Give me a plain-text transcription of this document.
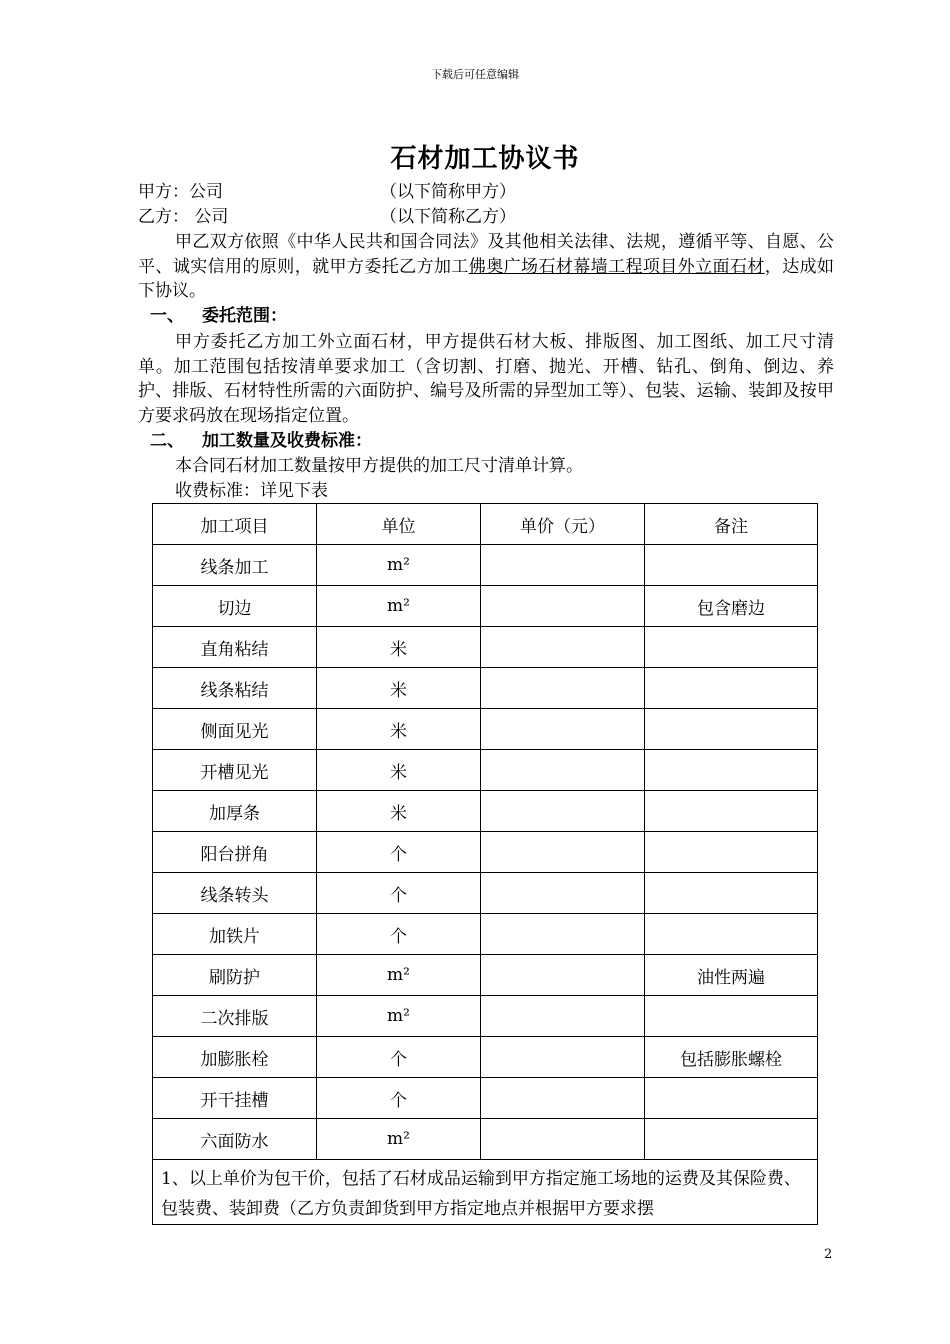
下载后可任意编辑
石材加工协议书
甲方：公司	（以下简称甲方）
乙方： 公司	（以下简称乙方）
甲乙双方依照《中华人民共和国合同法》及其他相关法律、法规，遵循平等、自愿、公平、诚实信用的原则，就甲方委托乙方加工佛奥广场石材幕墙工程项目外立面石材，达成如下协议。
一、 委托范围：
甲方委托乙方加工外立面石材，甲方提供石材大板、排版图、加工图纸、加工尺寸清单。加工范围包括按清单要求加工（含切割、打磨、抛光、开槽、钻孔、倒角、倒边、养护、排版、石材特性所需的六面防护、编号及所需的异型加工等）、包装、运输、装卸及按甲方要求码放在现场指定位置。
二、 加工数量及收费标准：
本合同石材加工数量按甲方提供的加工尺寸清单计算。
收费标准：详见下表
加工项目	单位	单价（元）	备注
线条加工	m²		
切边	m²		包含磨边
直角粘结	米		
线条粘结	米		
侧面见光	米		
开槽见光	米		
加厚条	米		
阳台拼角	个		
线条转头	个		
加铁片	个		
刷防护	m²		油性两遍
二次排版	m²		
加膨胀栓	个		包括膨胀螺栓
开干挂槽	个		
六面防水	m²		
1、以上单价为包干价，包括了石材成品运输到甲方指定施工场地的运费及其保险费、包装费、装卸费（乙方负责卸货到甲方指定地点并根据甲方要求摆			
2
